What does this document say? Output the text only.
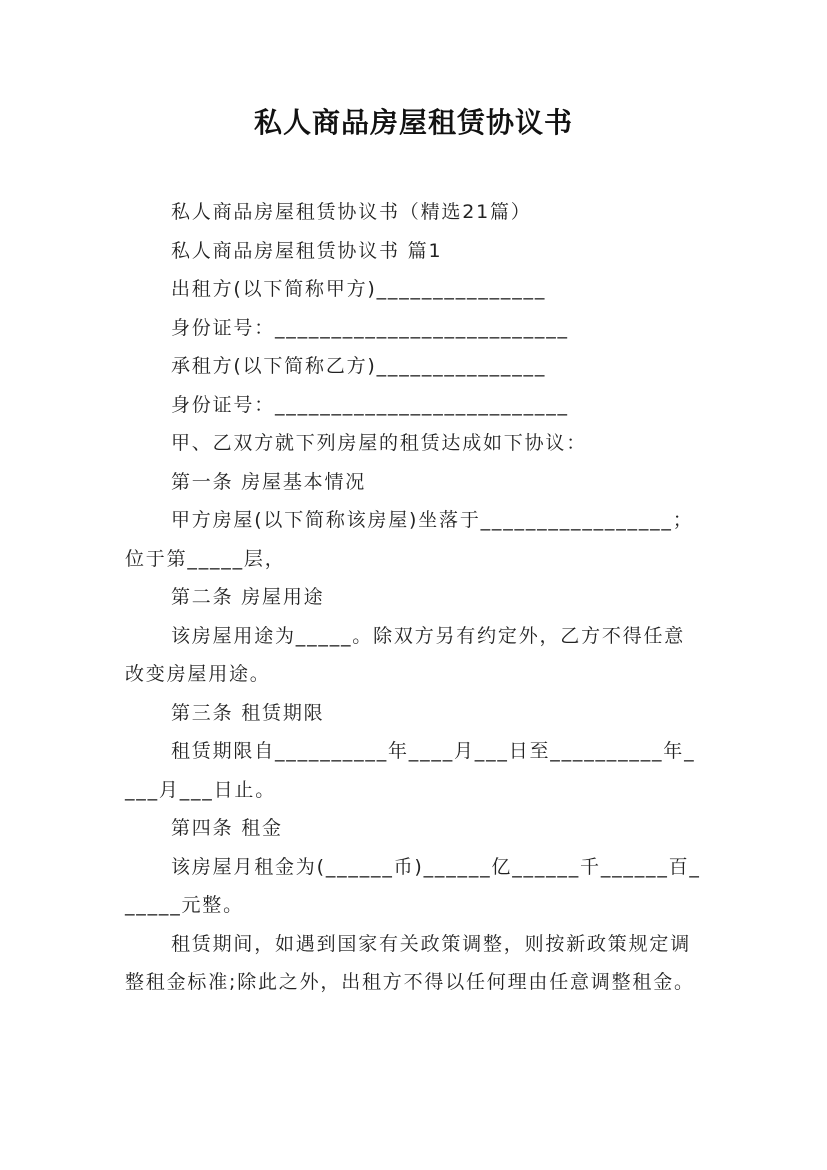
私人商品房屋租赁协议书

私人商品房屋租赁协议书（精选21篇）

私人商品房屋租赁协议书 篇1

出租方(以下简称甲方)_______________

身份证号：__________________________

承租方(以下简称乙方)_______________

身份证号：__________________________

甲、乙双方就下列房屋的租赁达成如下协议：

第一条 房屋基本情况

甲方房屋(以下简称该房屋)坐落于_________________；位于第_____层，

第二条 房屋用途

该房屋用途为_____。除双方另有约定外，乙方不得任意改变房屋用途。

第三条 租赁期限

租赁期限自__________年____月___日至__________年____月___日止。

第四条 租金

该房屋月租金为(______币)______亿______千______百______元整。

租赁期间，如遇到国家有关政策调整，则按新政策规定调整租金标准;除此之外，出租方不得以任何理由任意调整租金。
